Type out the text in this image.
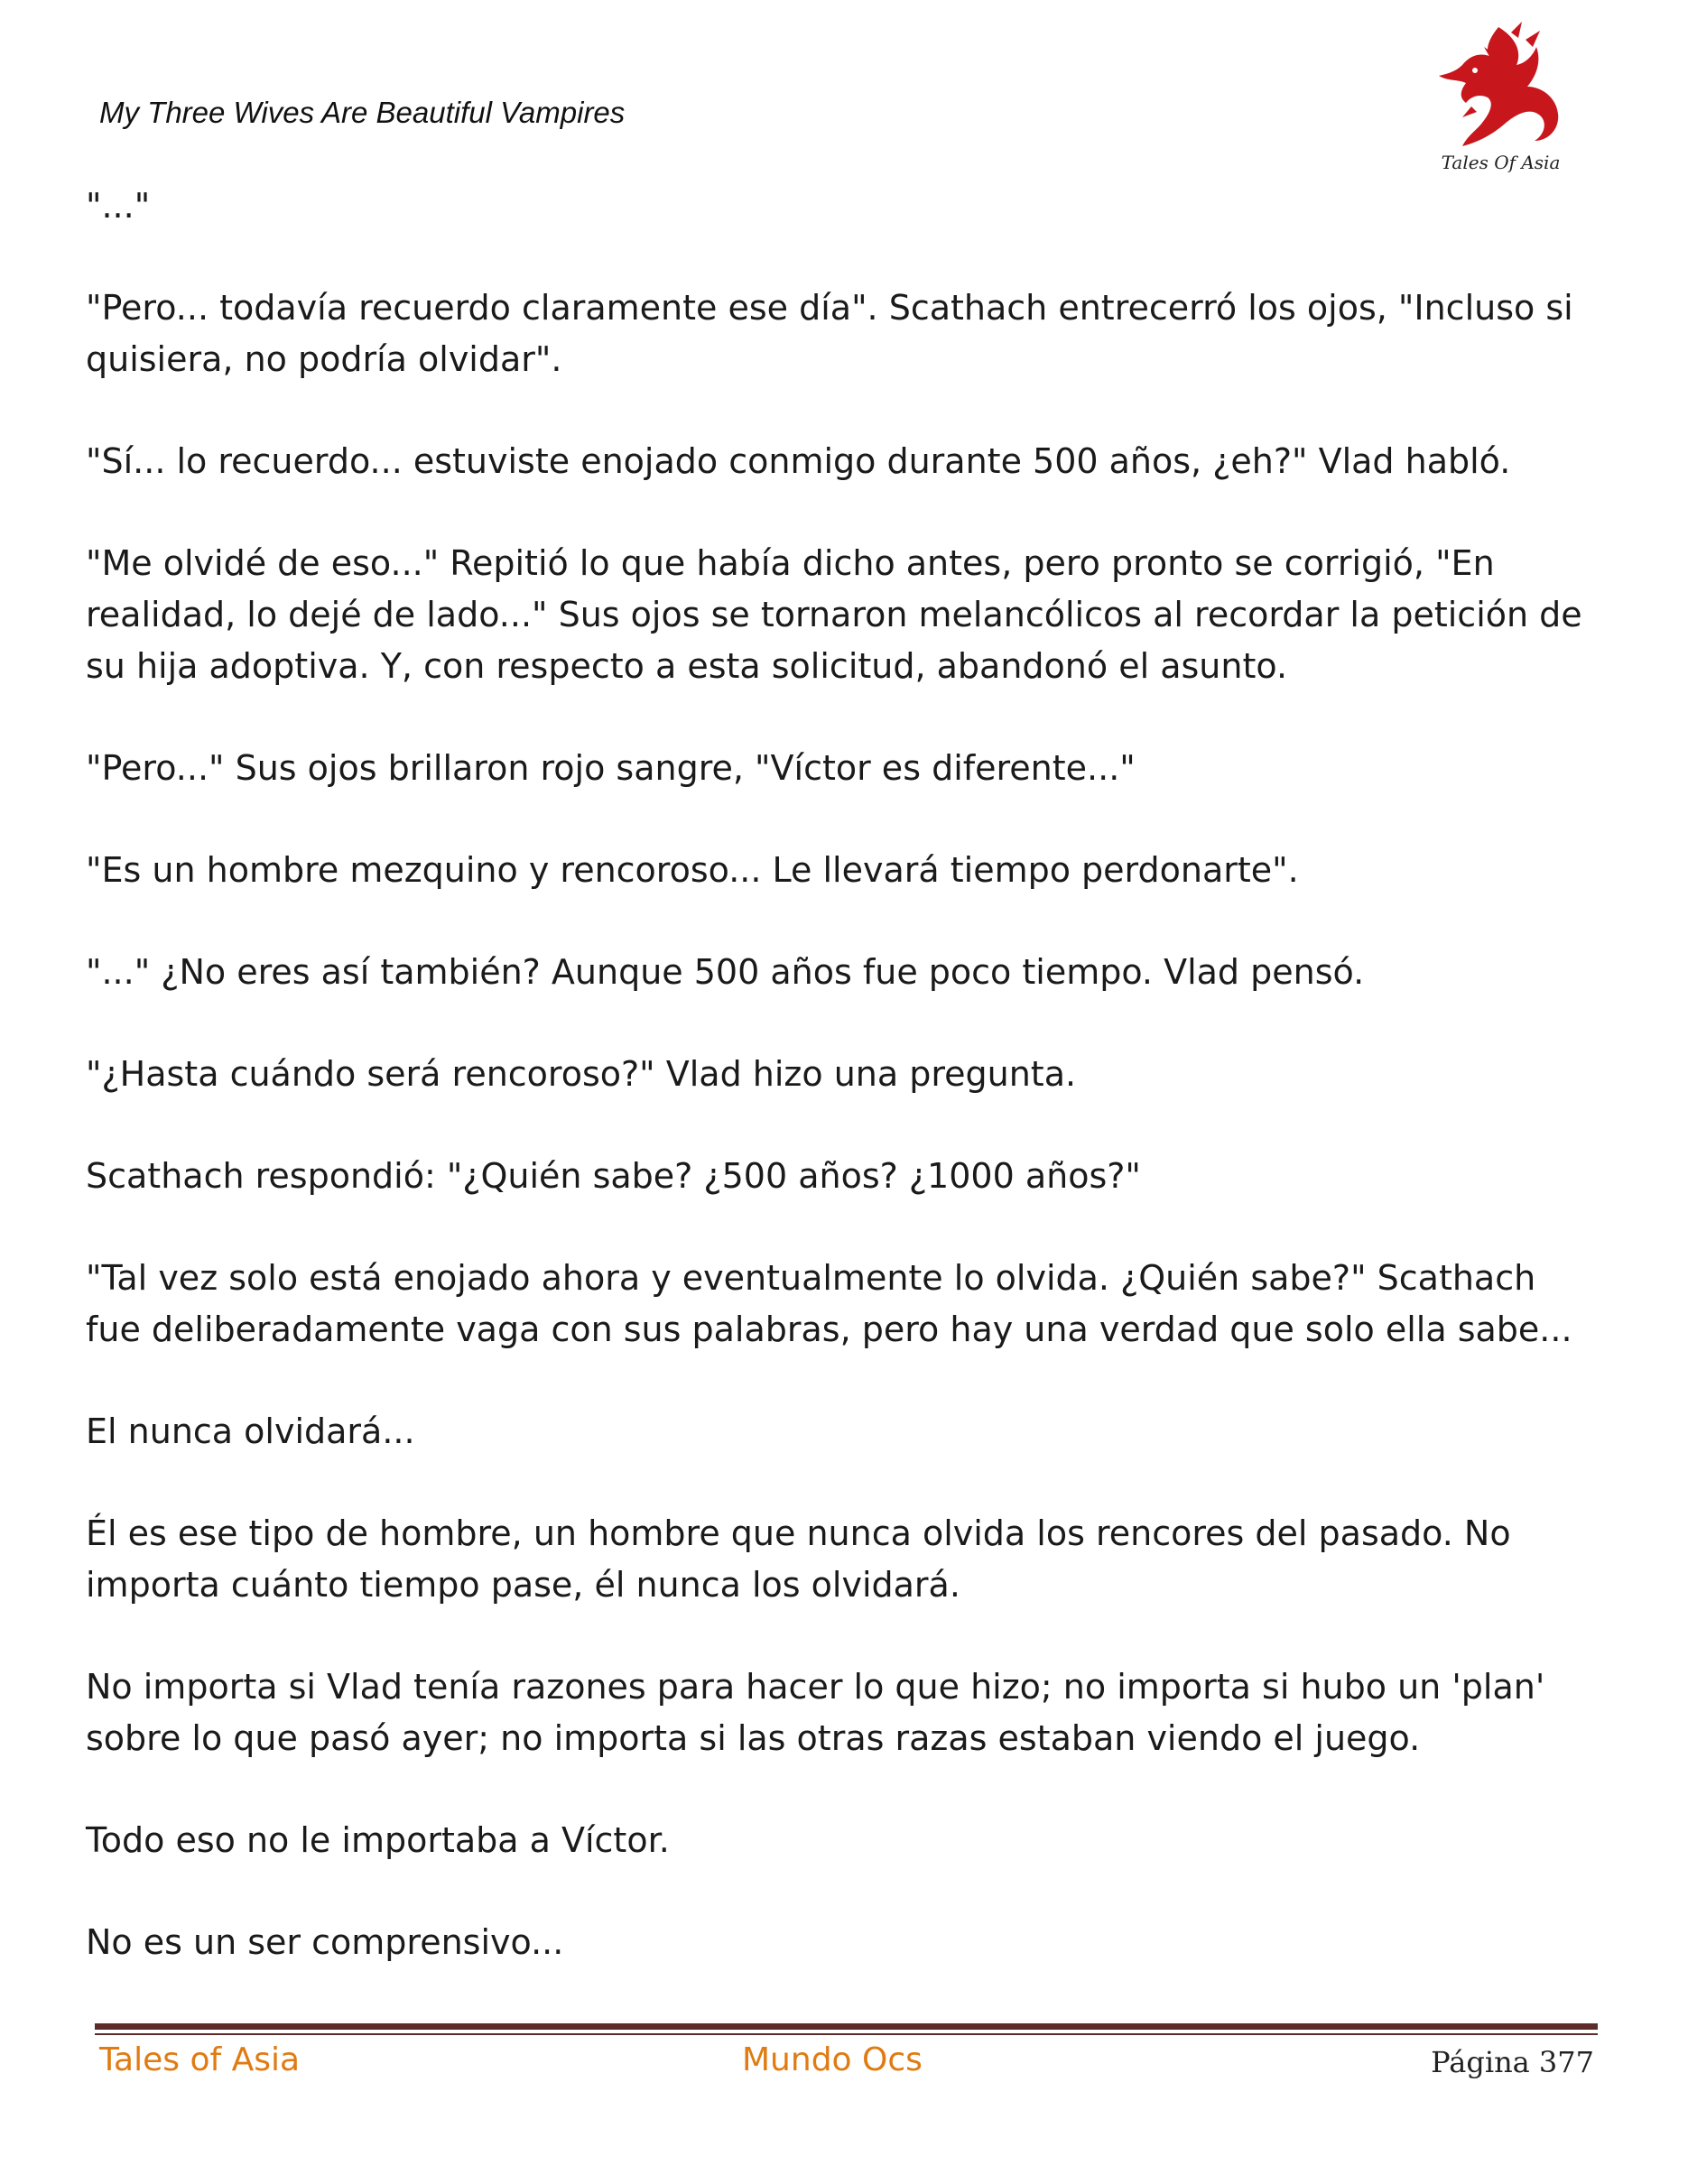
My Three Wives Are Beautiful Vampires
Tales Of Asia

"..."

"Pero... todavía recuerdo claramente ese día". Scathach entrecerró los ojos, "Incluso si quisiera, no podría olvidar".

"Sí... lo recuerdo... estuviste enojado conmigo durante 500 años, ¿eh?" Vlad habló.

"Me olvidé de eso..." Repitió lo que había dicho antes, pero pronto se corrigió, "En realidad, lo dejé de lado..." Sus ojos se tornaron melancólicos al recordar la petición de su hija adoptiva. Y, con respecto a esta solicitud, abandonó el asunto.

"Pero..." Sus ojos brillaron rojo sangre, "Víctor es diferente..."

"Es un hombre mezquino y rencoroso... Le llevará tiempo perdonarte".

"..." ¿No eres así también? Aunque 500 años fue poco tiempo. Vlad pensó.

"¿Hasta cuándo será rencoroso?" Vlad hizo una pregunta.

Scathach respondió: "¿Quién sabe? ¿500 años? ¿1000 años?"

"Tal vez solo está enojado ahora y eventualmente lo olvida. ¿Quién sabe?" Scathach fue deliberadamente vaga con sus palabras, pero hay una verdad que solo ella sabe...

El nunca olvidará...

Él es ese tipo de hombre, un hombre que nunca olvida los rencores del pasado. No importa cuánto tiempo pase, él nunca los olvidará.

No importa si Vlad tenía razones para hacer lo que hizo; no importa si hubo un 'plan' sobre lo que pasó ayer; no importa si las otras razas estaban viendo el juego.

Todo eso no le importaba a Víctor.

No es un ser comprensivo...

Tales of Asia	Mundo Ocs	Página 377
